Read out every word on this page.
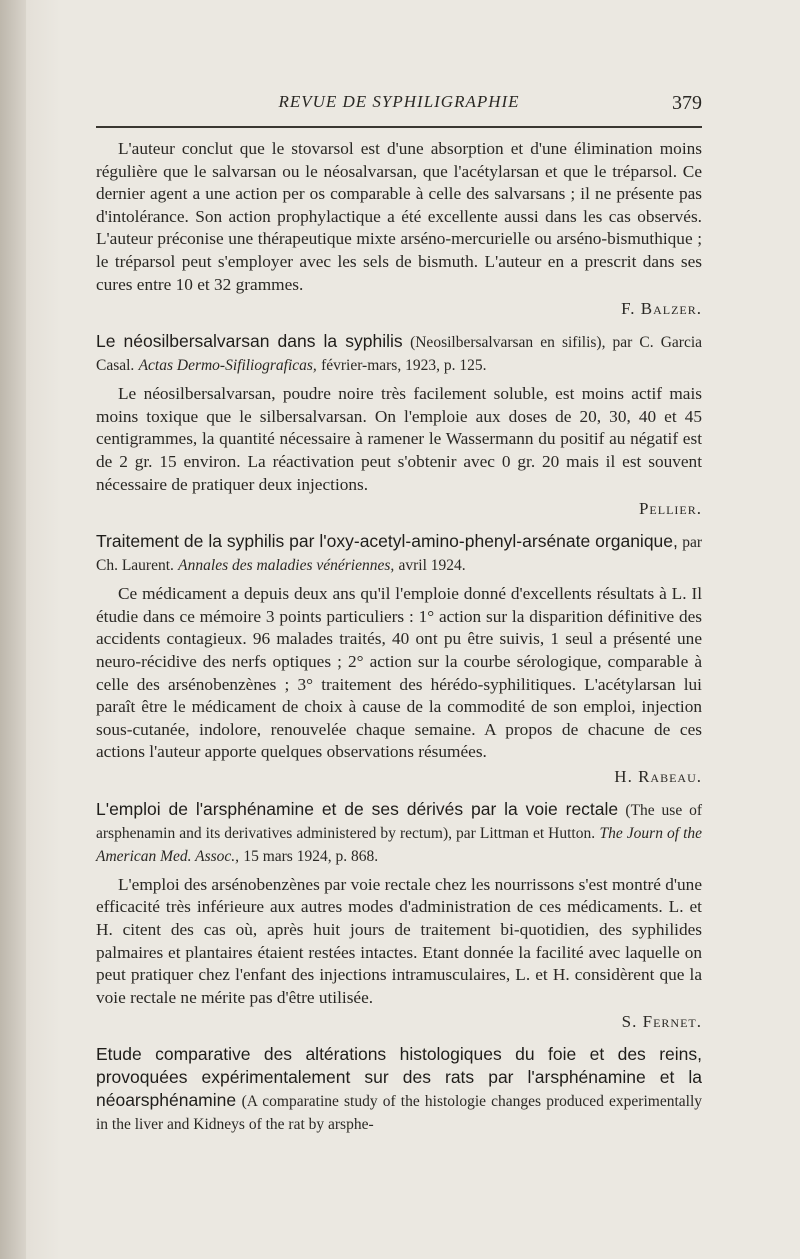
REVUE DE SYPHILIGRAPHIE	379

L'auteur conclut que le stovarsol est d'une absorption et d'une élimination moins régulière que le salvarsan ou le néosalvarsan, que l'acétylarsan et que le tréparsol. Ce dernier agent a une action per os comparable à celle des salvarsans ; il ne présente pas d'intolérance. Son action prophylactique a été excellente aussi dans les cas observés. L'auteur préconise une thérapeutique mixte arséno-mercurielle ou arséno-bismuthique ; le tréparsol peut s'employer avec les sels de bismuth. L'auteur en a prescrit dans ses cures entre 10 et 32 grammes.

F. Balzer.
Le néosilbersalvarsan dans la syphilis (Neosilbersalvarsan en sifilis), par C. Garcia Casal. Actas Dermo-Sifiliograficas, février-mars, 1923, p. 125.

Le néosilbersalvarsan, poudre noire très facilement soluble, est moins actif mais moins toxique que le silbersalvarsan. On l'emploie aux doses de 20, 30, 40 et 45 centigrammes, la quantité nécessaire à ramener le Wassermann du positif au négatif est de 2 gr. 15 environ. La réactivation peut s'obtenir avec 0 gr. 20 mais il est souvent nécessaire de pratiquer deux injections.

Pellier.
Traitement de la syphilis par l'oxy-acetyl-amino-phenyl-arsénate organique, par Ch. Laurent. Annales des maladies vénériennes, avril 1924.

Ce médicament a depuis deux ans qu'il l'emploie donné d'excellents résultats à L. Il étudie dans ce mémoire 3 points particuliers : 1° action sur la disparition définitive des accidents contagieux. 96 malades traités, 40 ont pu être suivis, 1 seul a présenté une neuro-récidive des nerfs optiques ; 2° action sur la courbe sérologique, comparable à celle des arsénobenzènes ; 3° traitement des hérédo-syphilitiques. L'acétylarsan lui paraît être le médicament de choix à cause de la commodité de son emploi, injection sous-cutanée, indolore, renouvelée chaque semaine. A propos de chacune de ces actions l'auteur apporte quelques observations résumées.

H. Rabeau.
L'emploi de l'arsphénamine et de ses dérivés par la voie rectale (The use of arsphenamin and its derivatives administered by rectum), par Littman et Hutton. The Journ of the American Med. Assoc., 15 mars 1924, p. 868.

L'emploi des arsénobenzènes par voie rectale chez les nourrissons s'est montré d'une efficacité très inférieure aux autres modes d'administration de ces médicaments. L. et H. citent des cas où, après huit jours de traitement bi-quotidien, des syphilides palmaires et plantaires étaient restées intactes. Etant donnée la facilité avec laquelle on peut pratiquer chez l'enfant des injections intramusculaires, L. et H. considèrent que la voie rectale ne mérite pas d'être utilisée.

S. Fernet.
Etude comparative des altérations histologiques du foie et des reins, provoquées expérimentalement sur des rats par l'arsphénamine et la néoarsphénamine (A comparatine study of the histologie changes produced experimentally in the liver and Kidneys of the rat by arsphe-
